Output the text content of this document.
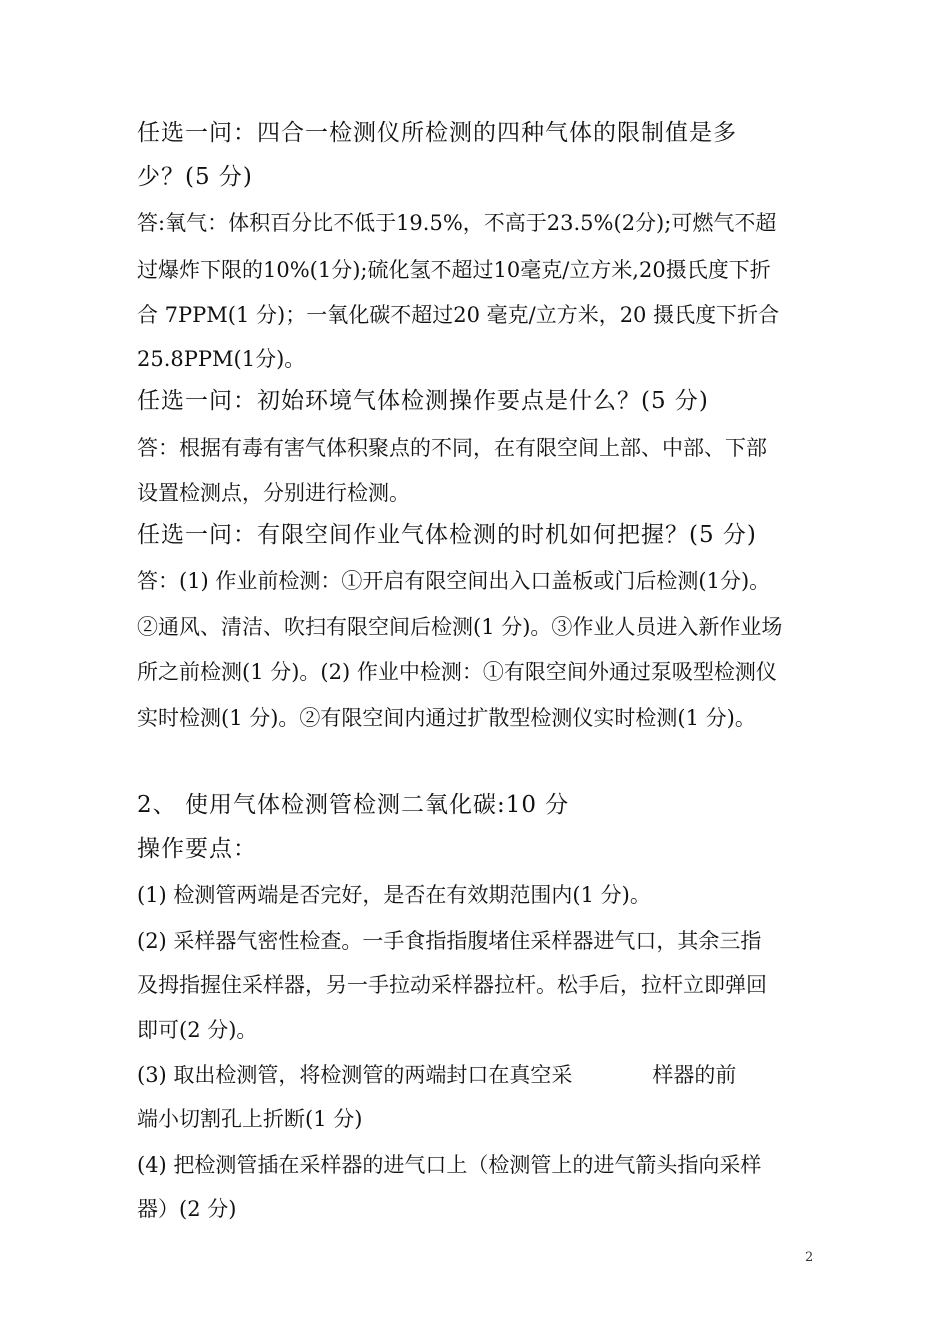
任选一问：四合一检测仪所检测的四种气体的限制值是多
少？(5 分)
答:氧气：体积百分比不低于19.5%，不高于23.5%(2分);可燃气不超
过爆炸下限的10%(1分);硫化氢不超过10毫克/立方米,20摄氏度下折
合 7PPM(1 分)；一氧化碳不超过20 毫克/立方米，20 摄氏度下折合
25.8PPM(1分)。
任选一问：初始环境气体检测操作要点是什么？(5 分)
答：根据有毒有害气体积聚点的不同，在有限空间上部、中部、下部
设置检测点，分别进行检测。
任选一问：有限空间作业气体检测的时机如何把握？(5 分)
答：(1) 作业前检测：①开启有限空间出入口盖板或门后检测(1分)。
②通风、清洁、吹扫有限空间后检测(1 分)。③作业人员进入新作业场
所之前检测(1 分)。(2) 作业中检测：①有限空间外通过泵吸型检测仪
实时检测(1 分)。②有限空间内通过扩散型检测仪实时检测(1 分)。
2、 使用气体检测管检测二氧化碳:10 分
操作要点：
(1) 检测管两端是否完好，是否在有效期范围内(1 分)。
(2) 采样器气密性检查。一手食指指腹堵住采样器进气口，其余三指
及拇指握住采样器，另一手拉动采样器拉杆。松手后，拉杆立即弹回
即可(2 分)。
(3) 取出检测管，将检测管的两端封口在真空采	样器的前
端小切割孔上折断(1 分)
(4) 把检测管插在采样器的进气口上（检测管上的进气箭头指向采样
器）(2 分)
2
